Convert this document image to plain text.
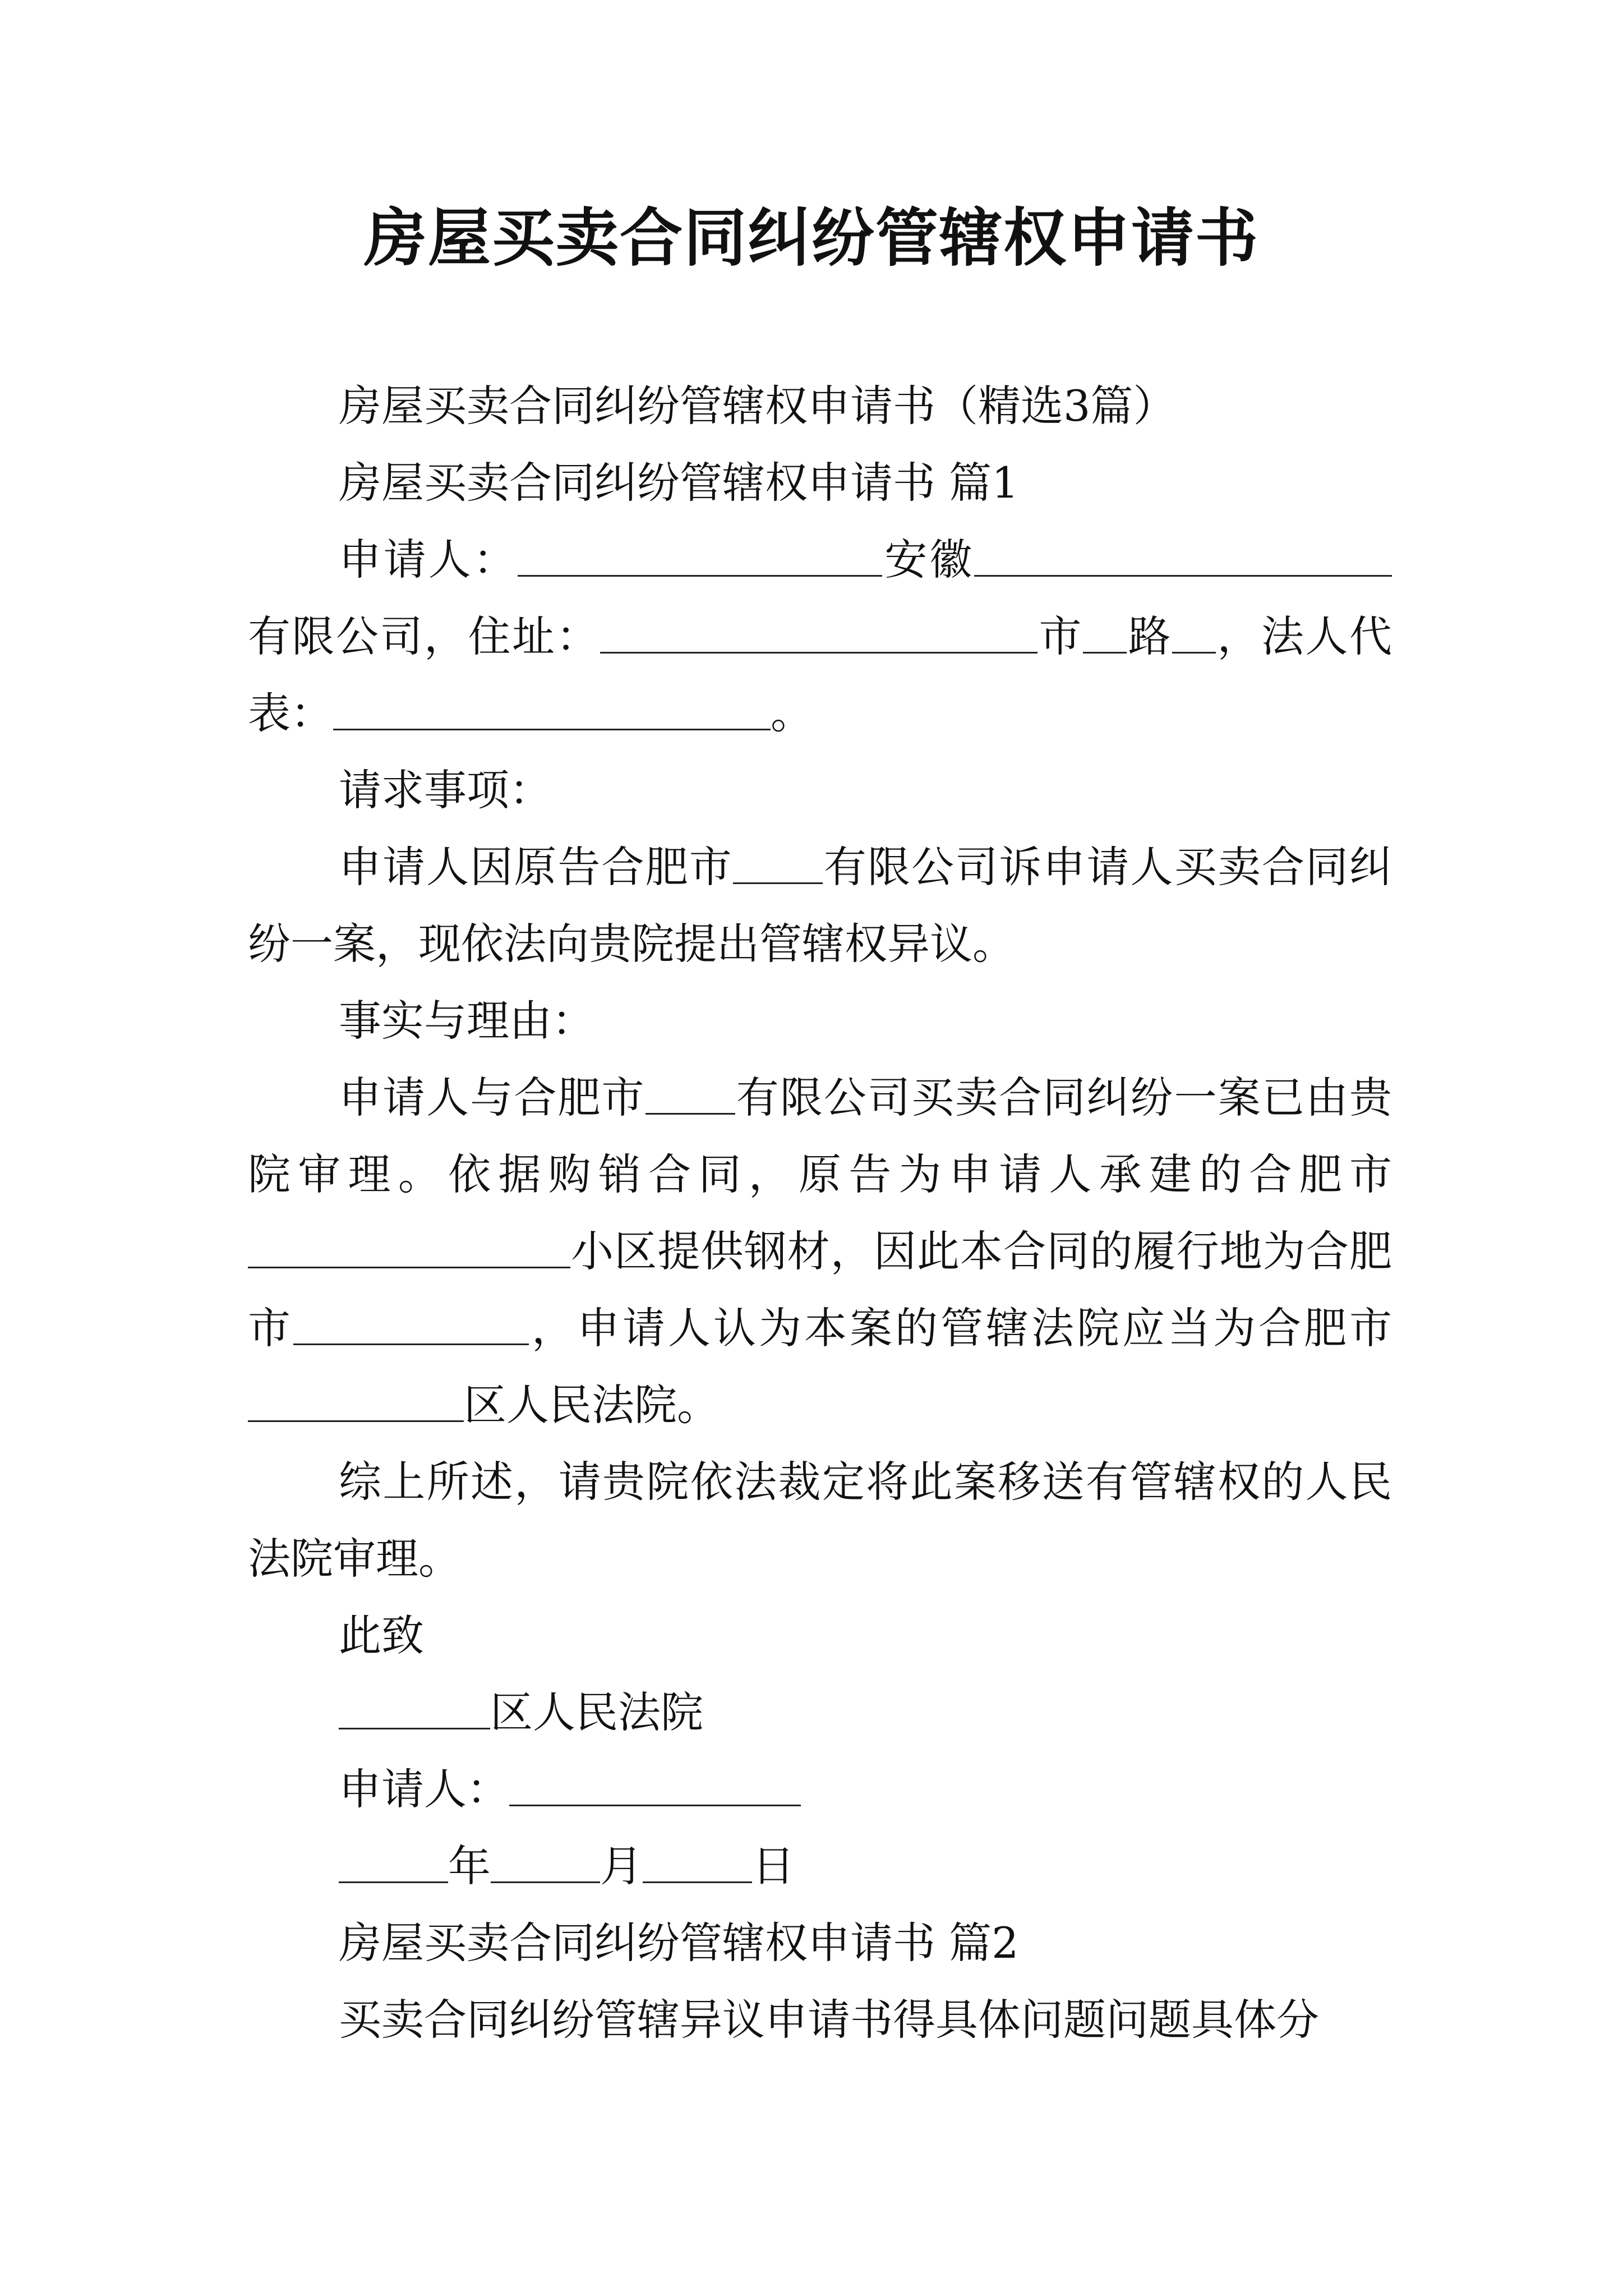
房屋买卖合同纠纷管辖权申请书

房屋买卖合同纠纷管辖权申请书（精选3篇）

房屋买卖合同纠纷管辖权申请书 篇1

申请人：	安徽有限公司，住址：	市 路 ，法人代表：	。

请求事项：

申请人因原告合肥市 有限公司诉申请人买卖合同纠纷一案，现依法向贵院提出管辖权异议。

事实与理由：

申请人与合肥市 有限公司买卖合同纠纷一案已由贵院审理。依据购销合同，原告为申请人承建的合肥市小区提供钢材，因此本合同的履行地为合肥市	，申请人认为本案的管辖法院应当为合肥市区人民法院。

综上所述，请贵院依法裁定将此案移送有管辖权的人民法院审理。

此致

区人民法院

申请人：

年	月	日

房屋买卖合同纠纷管辖权申请书 篇2

买卖合同纠纷管辖异议申请书得具体问题问题具体分
